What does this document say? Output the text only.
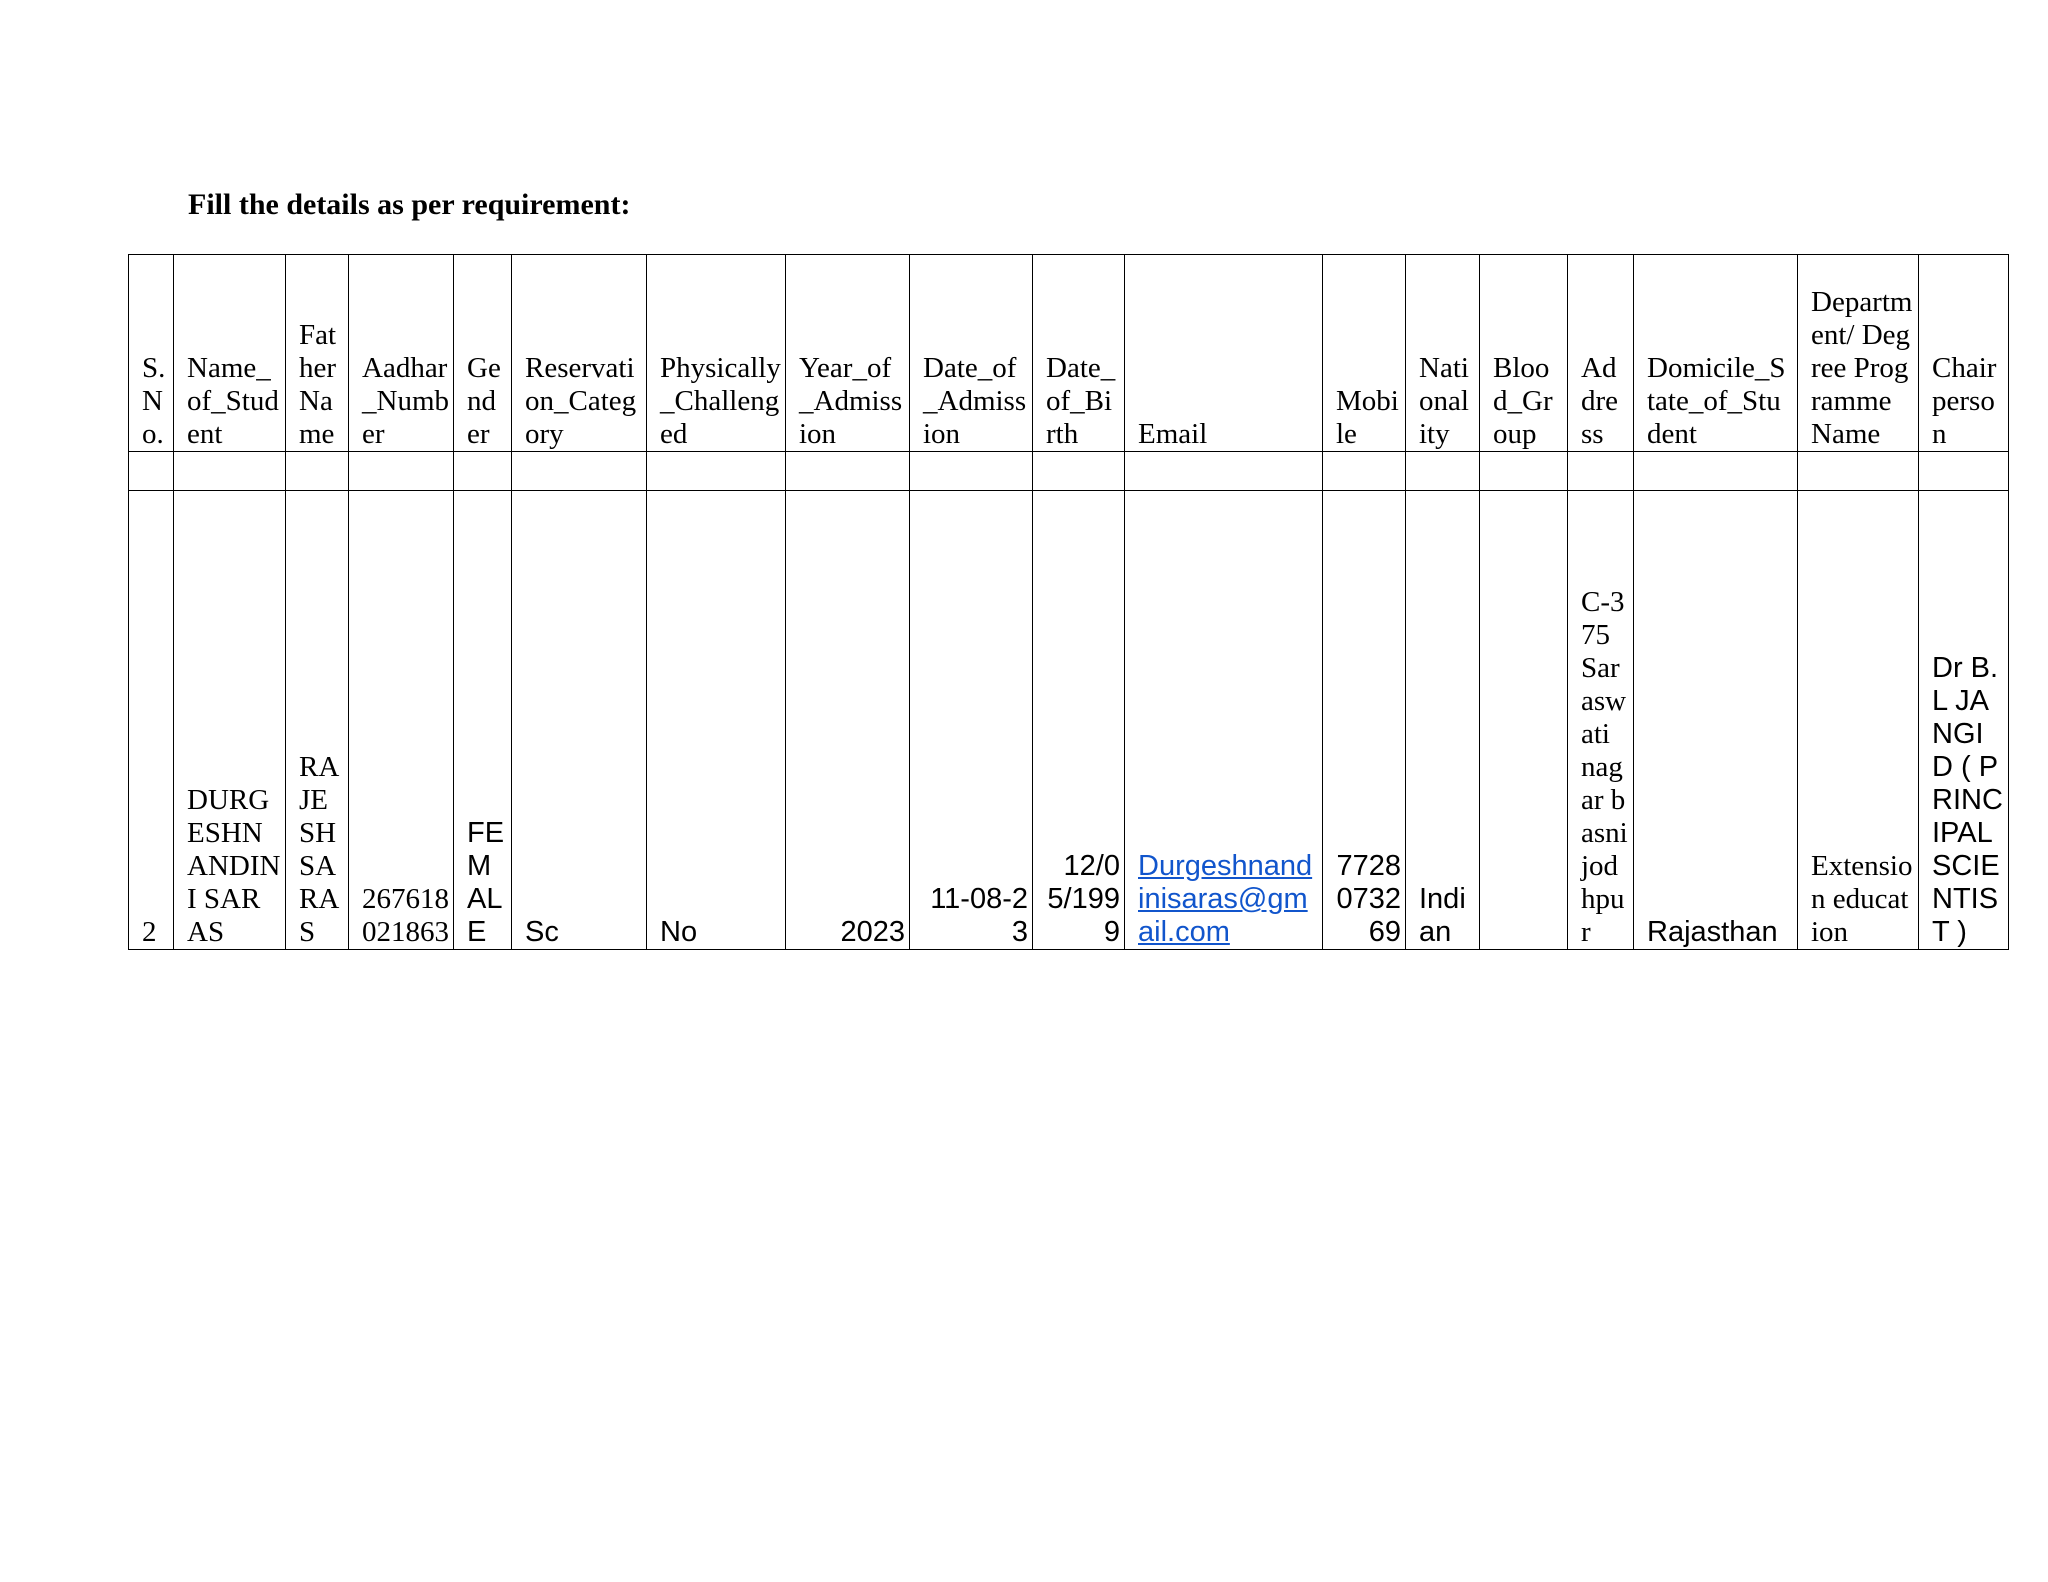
Fill the details as per requirement:
S.No.	Name_of_Student	Father Name	Aadhar_Number	Gender	Reservation_Category	Physically_Challenged	Year_of_Admission	Date_of_Admission	Date_of_Birth	Email	Mobile	Nationality	Blood_Group	Address	Domicile_State_of_Student	Department/ Degree Programme Name	Chairperson

2	DURGESHNANDINI SARAS	RAJESHSARAS	267618021863	FEMALE	Sc	No	2023	11-08-23	12/05/1999	Durgeshnandinisaras@gmail.com	7728073269	Indian		C-375 Saraswati nagar basni jodhpur	Rajasthan	Extension education	Dr B.L JANGID ( PRINCIPAL SCIENTIST )
